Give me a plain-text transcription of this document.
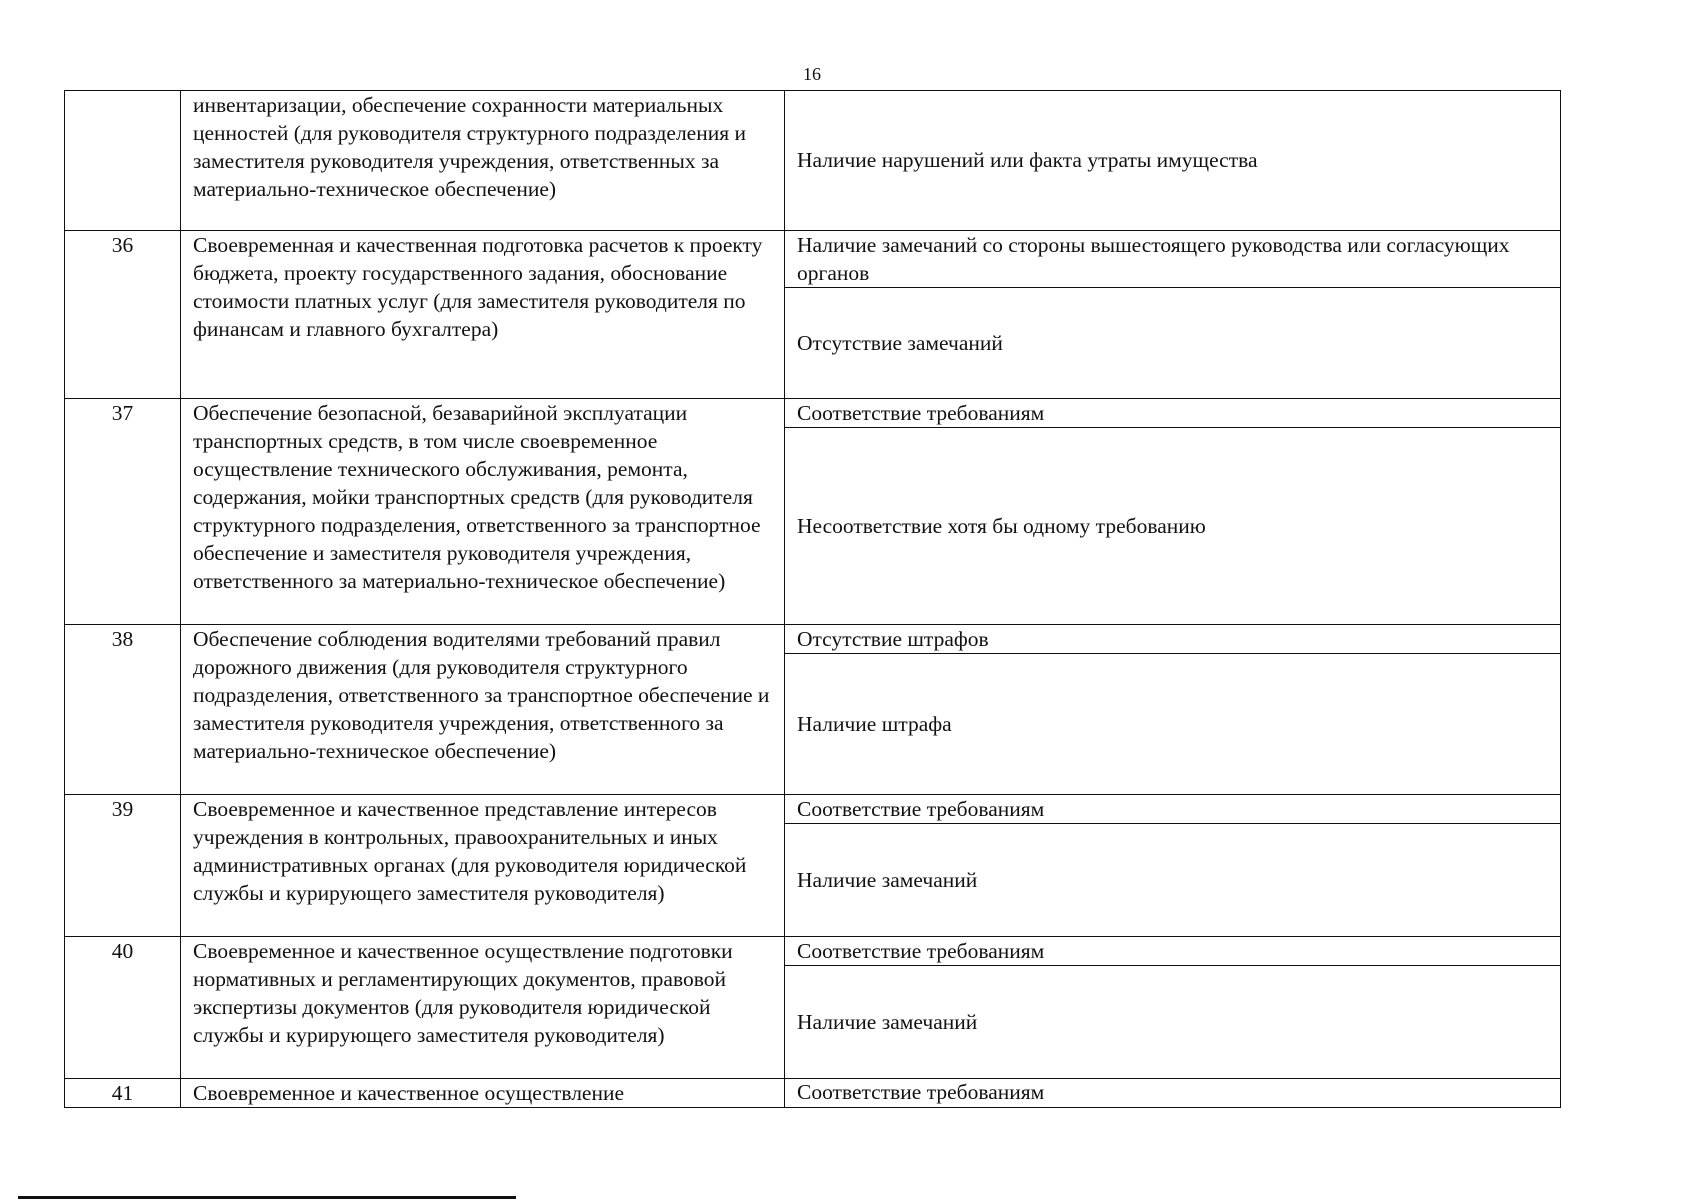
16
	инвентаризации, обеспечение сохранности материальных ценностей (для руководителя структурного подразделения и заместителя руководителя учреждения, ответственных за материально-техническое обеспечение)	Наличие нарушений или факта утраты имущества

36	Своевременная и качественная подготовка расчетов к проекту бюджета, проекту государственного задания, обоснование стоимости платных услуг (для заместителя руководителя по финансам и главного бухгалтера)	Наличие замечаний со стороны вышестоящего руководства или согласующих органов
Отсутствие замечаний

37	Обеспечение безопасной, безаварийной эксплуатации транспортных средств, в том числе своевременное осуществление технического обслуживания, ремонта, содержания, мойки транспортных средств (для руководителя структурного подразделения, ответственного за транспортное обеспечение и заместителя руководителя учреждения, ответственного за материально-техническое обеспечение)	Соответствие требованиям
Несоответствие хотя бы одному требованию

38	Обеспечение соблюдения водителями требований правил дорожного движения (для руководителя структурного подразделения, ответственного за транспортное обеспечение и заместителя руководителя учреждения, ответственного за материально-техническое обеспечение)	Отсутствие штрафов
Наличие штрафа

39	Своевременное и качественное представление интересов учреждения в контрольных, правоохранительных и иных административных органах (для руководителя юридической службы и курирующего заместителя руководителя)	Соответствие требованиям
Наличие замечаний

40	Своевременное и качественное осуществление подготовки нормативных и регламентирующих документов, правовой экспертизы документов (для руководителя юридической службы и курирующего заместителя руководителя)	Соответствие требованиям
Наличие замечаний

41	Своевременное и качественное осуществление	Соответствие требованиям
